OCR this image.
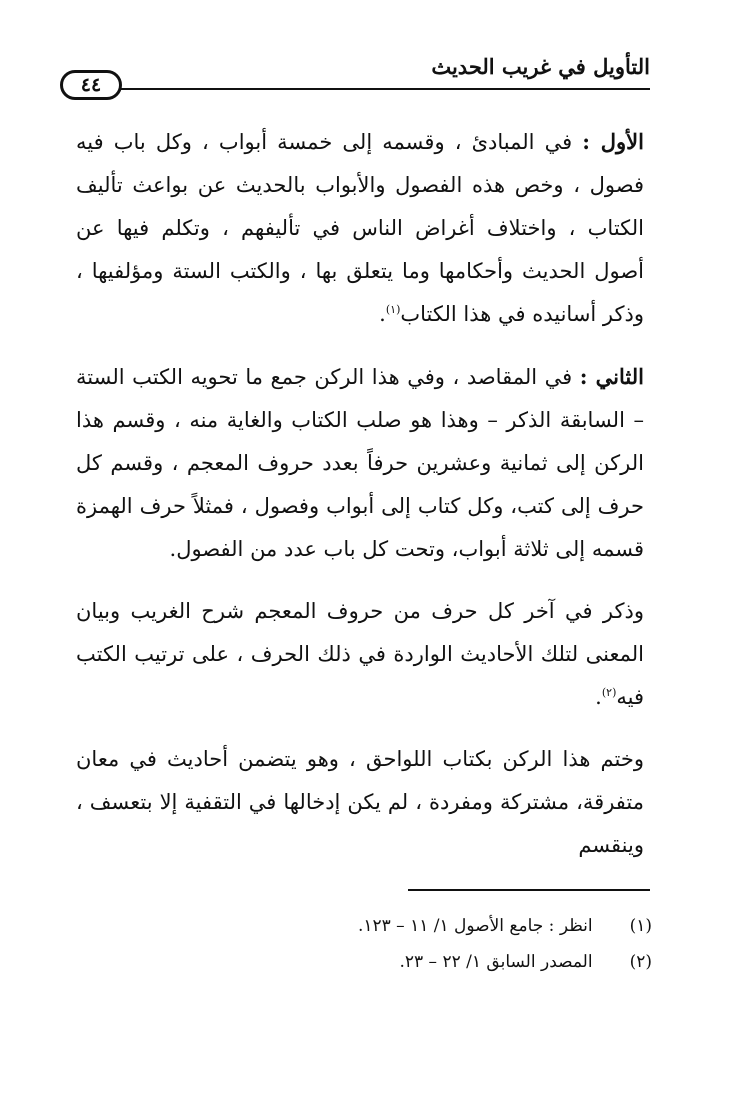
التأويل في غريب الحديث
٤٤

الأول : في المبادئ ، وقسمه إلى خمسة أبواب ، وكل باب فيه فصول ، وخص هذه الفصول والأبواب بالحديث عن بواعث تأليف الكتاب ، واختلاف أغراض الناس في تأليفهم ، وتكلم فيها عن أصول الحديث وأحكامها وما يتعلق بها ، والكتب الستة ومؤلفيها ، وذكر أسانيده في هذا الكتاب$^{(١)}$.

الثاني : في المقاصد ، وفي هذا الركن جمع ما تحويه الكتب الستة – السابقة الذكر – وهذا هو صلب الكتاب والغاية منه ، وقسم هذا الركن إلى ثمانية وعشرين حرفاً بعدد حروف المعجم ، وقسم كل حرف إلى كتب، وكل كتاب إلى أبواب وفصول ، فمثلاً حرف الهمزة قسمه إلى ثلاثة أبواب، وتحت كل باب عدد من الفصول.

وذكر في آخر كل حرف من حروف المعجم شرح الغريب وبيان المعنى لتلك الأحاديث الواردة في ذلك الحرف ، على ترتيب الكتب فيه$^{(٢)}$.

وختم هذا الركن بكتاب اللواحق ، وهو يتضمن أحاديث في معان متفرقة، مشتركة ومفردة ، لم يكن إدخالها في التقفية إلا بتعسف ، وينقسم

(١) انظر : جامع الأصول ١/ ١١ – ١٢٣.
(٢) المصدر السابق ١/ ٢٢ – ٢٣.
